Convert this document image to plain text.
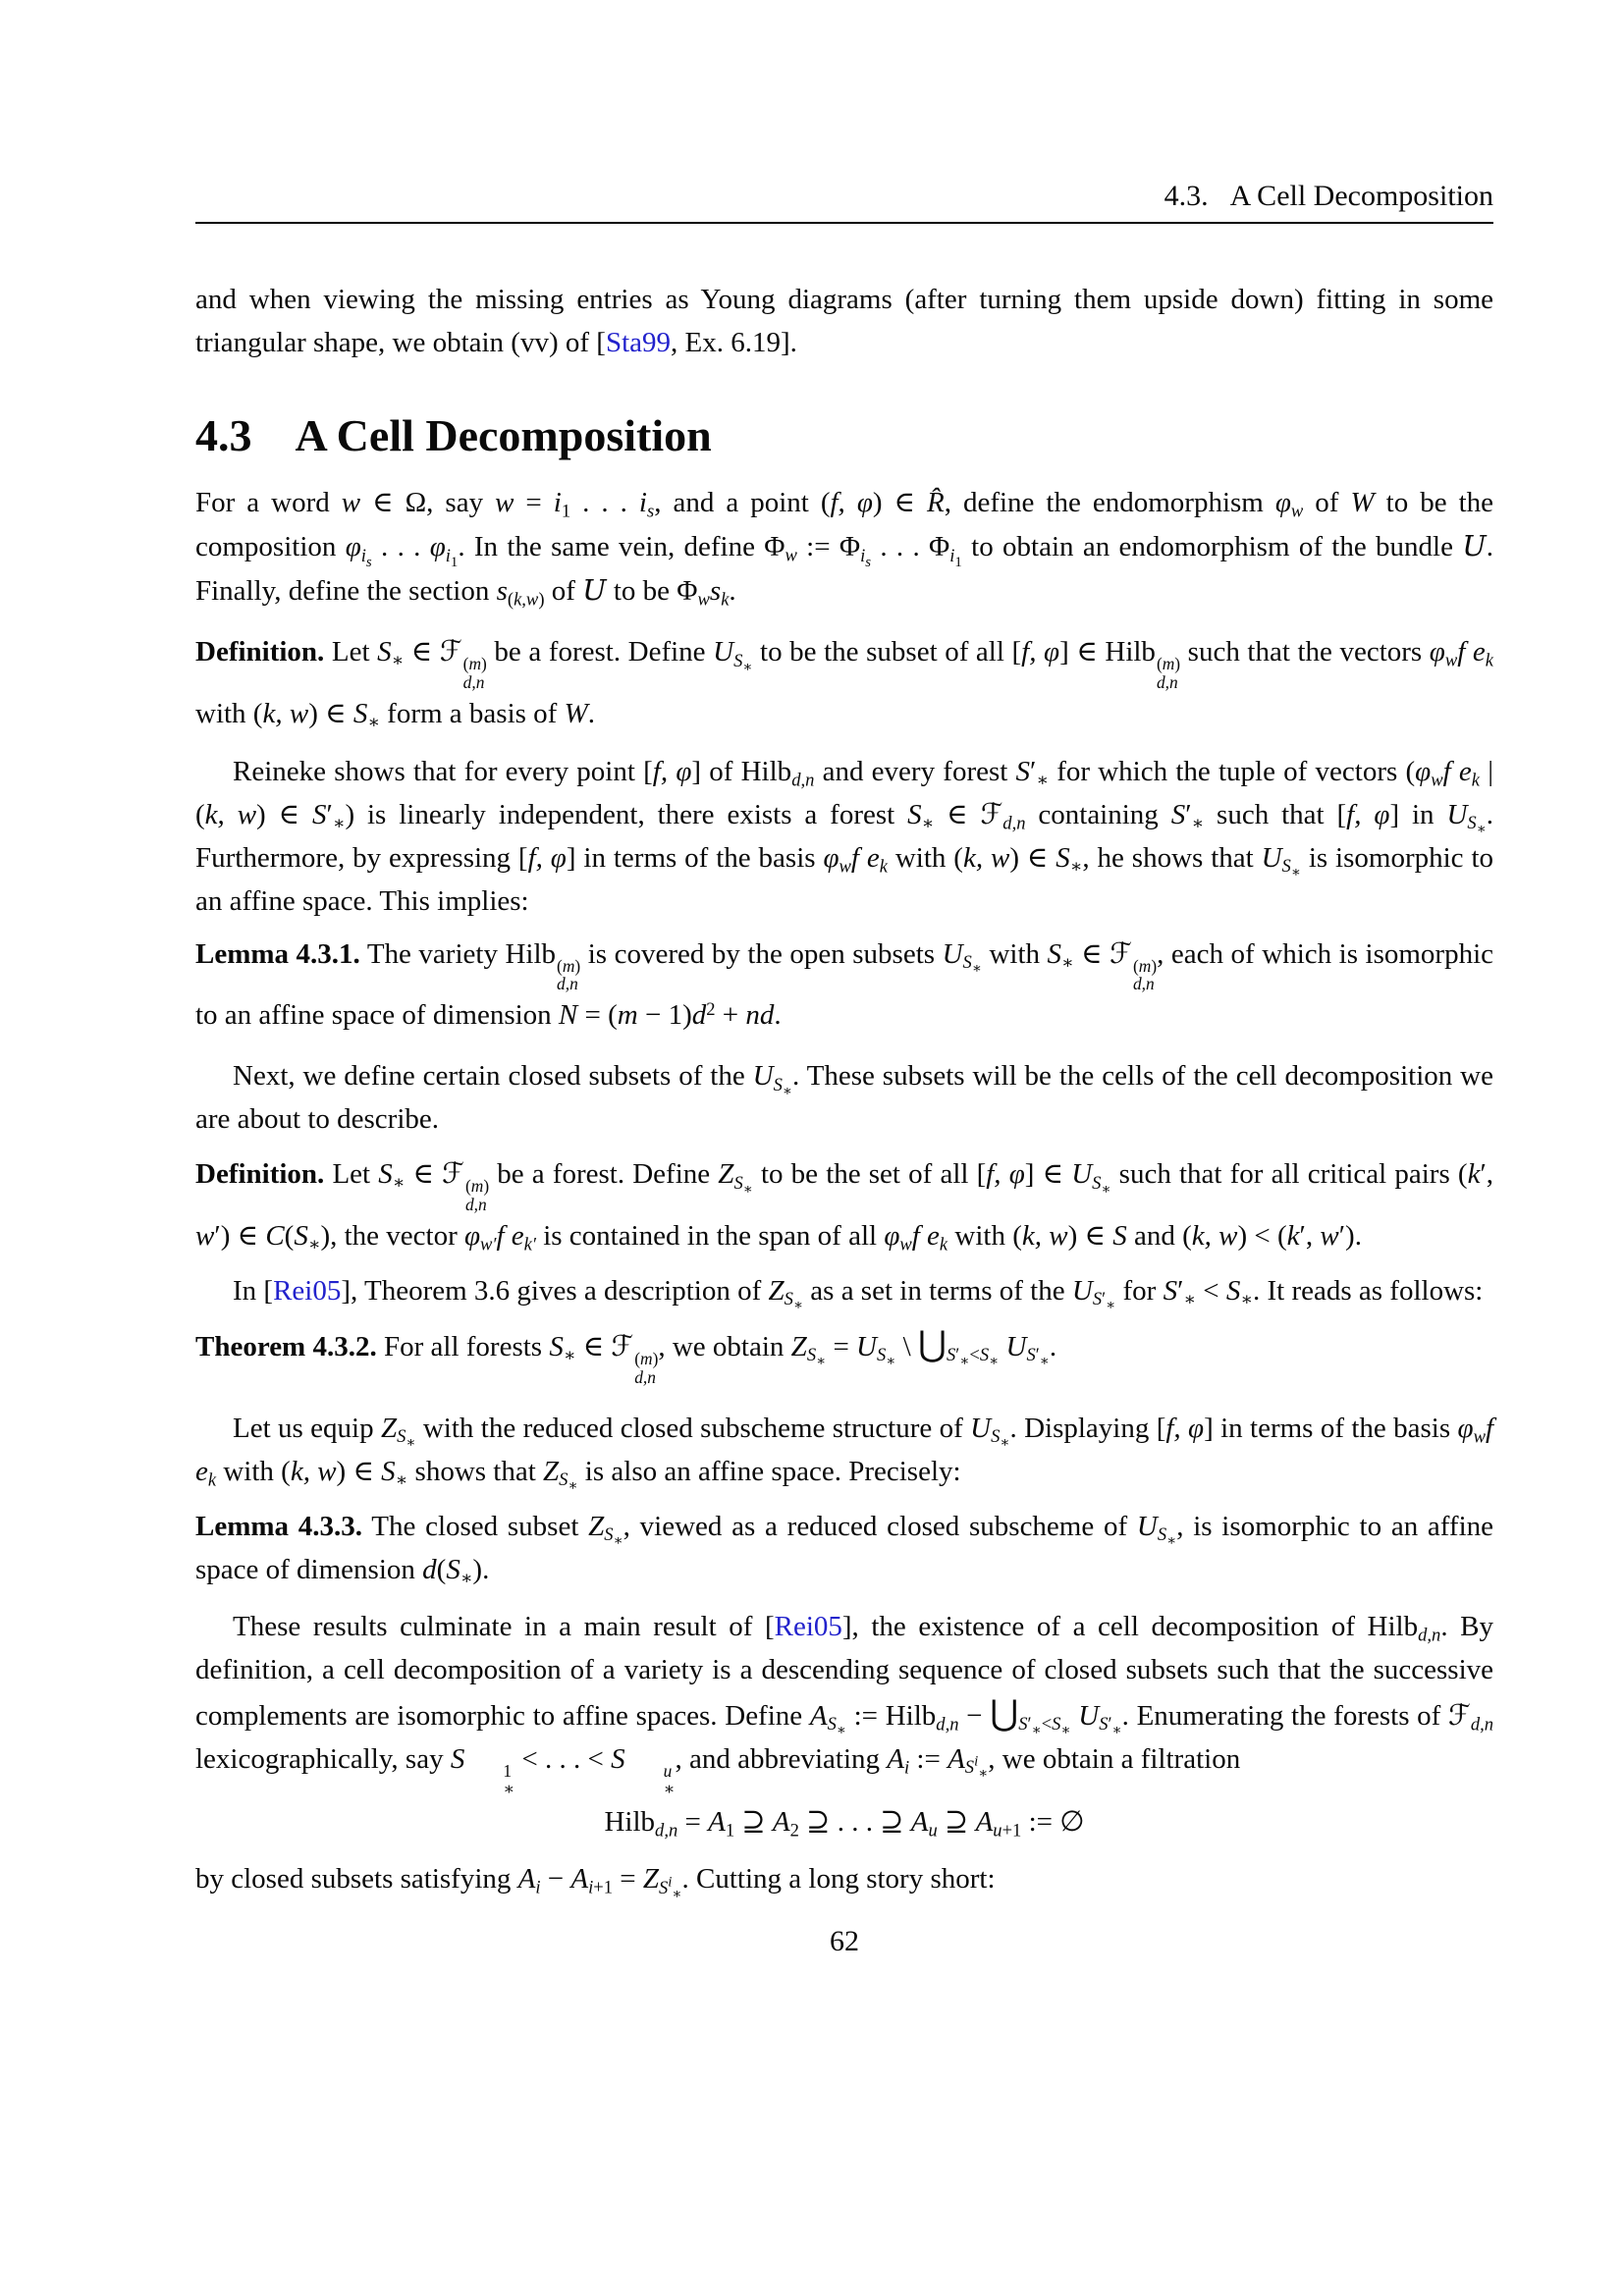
4.3. A Cell Decomposition

and when viewing the missing entries as Young diagrams (after turning them upside down) fitting in some triangular shape, we obtain (vv) of [Sta99, Ex. 6.19].

4.3 A Cell Decomposition

For a word w ∈ Ω, say $w = i_1$ . . . $i_s$, and a point (f, φ) ∈ R̂, define the endomorphism $\varphi_w$ of W to be the composition $\varphi_{i_s}$ . . . $\varphi_{i_1}$. In the same vein, define $\Phi_w$ := $\Phi_{i_s}$ . . . $\Phi_{i_1}$ to obtain an endomorphism of the bundle U. Finally, define the section $s_{(k,w)}$ of U to be $\Phi_ws_k$.

Definition. Let $S_∗$ ∈ ℱ (m)
d,n
be a forest. Define $U_{S_∗}$ to be the subset of all [f, φ] ∈ Hilb (m)
d,n
such that the vectors $\varphi_wf$ $e_k$ with (k, w) ∈ $S_∗$ form a basis of W.

Reineke shows that for every point [f, φ] of Hilb$_{d,n}$ and every forest $S'_∗$ for which the tuple of vectors ($\varphi_wf$ $e_k$ | (k, w) ∈ $S'_∗$) is linearly independent, there exists a forest $S_∗$ ∈ ℱ$_{d,n}$ containing $S'_∗$ such that [f, φ] in $U_{S_∗}$. Furthermore, by expressing [f, φ] in terms of the basis $\varphi_wf$ $e_k$ with (k, w) ∈ $S_∗$, he shows that $U_{S_∗}$ is isomorphic to an affine space. This implies:

Lemma 4.3.1. The variety Hilb (m)
d,n
is covered by the open subsets $U_{S_∗}$ with $S_∗$ ∈ ℱ (m)
d,n
, each of which is isomorphic to an affine space of dimension $N = (m - 1)d^2$ + nd.

Next, we define certain closed subsets of the $U_{S_∗}$. These subsets will be the cells of the cell decomposition we are about to describe.

Definition. Let $S_∗$ ∈ ℱ (m)
d,n
be a forest. Define $Z_{S_∗}$ to be the set of all [f, φ] ∈ $U_{S_∗}$ such that for all critical pairs (k′, w′) ∈ $C(S_∗)$, the vector $\varphi_{w'}f$ $e_{k'}$ is contained in the span of all $\varphi_wf$ $e_k$ with (k, w) ∈ S and (k, w) < (k′, w′).

In [Rei05], Theorem 3.6 gives a description of $Z_{S_∗}$ as a set in terms of the $U_{S'_∗}$ for $S'_∗ < S_∗$. It reads as follows:

Theorem 4.3.2. For all forests $S_∗$ ∈ ℱ (m)
d,n
, we obtain $Z_{S_∗} = U_{S_∗}$ \ $⋃_{S'_∗<S_∗}$ $U_{S'_∗}$.

Let us equip $Z_{S_∗}$ with the reduced closed subscheme structure of $U_{S_∗}$. Displaying [f, φ] in terms of the basis $\varphi_wf$ $e_k$ with (k, w) ∈ $S_∗$ shows that $Z_{S_∗}$ is also an affine space. Precisely:

Lemma 4.3.3. The closed subset $Z_{S_∗}$, viewed as a reduced closed subscheme of $U_{S_∗}$, is isomorphic to an affine space of dimension $d(S_∗)$.

These results culminate in a main result of [Rei05], the existence of a cell decomposition of Hilb$_{d,n}$. By definition, a cell decomposition of a variety is a descending sequence of closed subsets such that the successive complements are isomorphic to affine spaces. Define $A_{S_∗}$ := Hilb$_{d,n}$ − $⋃_{S'_∗<S_∗}$ $U_{S'_∗}$. Enumerating the forests of ℱ$_{d,n}$ lexicographically, say S	1
∗
< . . . < S	u
∗
, and abbreviating $A_i$ := $A_{S^i_∗}$, we obtain a filtration

Hilb$_{d,n}$ = $A_1$ ⊇ $A_2$ ⊇ . . . ⊇ $A_u$ ⊇ $A_{u+1}$ := ∅

by closed subsets satisfying $A_i - A_{i+1} = Z_{S^i_∗}$. Cutting a long story short:

62
